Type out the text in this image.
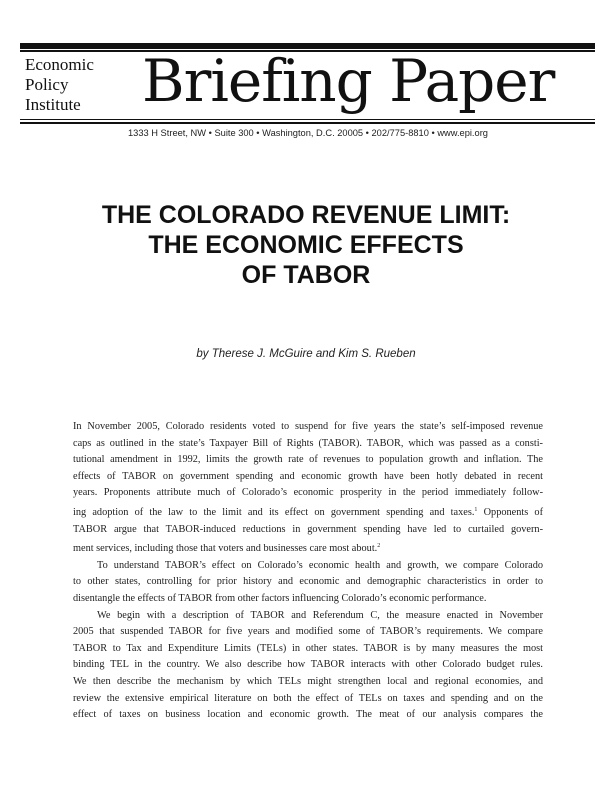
Economic
Policy
Institute Briefing Paper
1333 H Street, NW • Suite 300 • Washington, D.C. 20005 • 202/775-8810 • www.epi.org
THE COLORADO REVENUE LIMIT:
THE ECONOMIC EFFECTS
OF TABOR
by Therese J. McGuire and Kim S. Rueben

In November 2005, Colorado residents voted to suspend for five years the state’s self-imposed revenue
caps as outlined in the state’s Taxpayer Bill of Rights (TABOR). TABOR, which was passed as a consti-
tutional amendment in 1992, limits the growth rate of revenues to population growth and inflation. The
effects of TABOR on government spending and economic growth have been hotly debated in recent
years. Proponents attribute much of Colorado’s economic prosperity in the period immediately follow-
ing adoption of the law to the limit and its effect on government spending and taxes.$^1$ Opponents of
TABOR argue that TABOR-induced reductions in government spending have led to curtailed govern-
ment services, including those that voters and businesses care most about.$^2$

To understand TABOR’s effect on Colorado’s economic health and growth, we compare Colorado
to other states, controlling for prior history and economic and demographic characteristics in order to
disentangle the effects of TABOR from other factors influencing Colorado’s economic performance.

We begin with a description of TABOR and Referendum C, the measure enacted in November
2005 that suspended TABOR for five years and modified some of TABOR’s requirements. We compare
TABOR to Tax and Expenditure Limits (TELs) in other states. TABOR is by many measures the most
binding TEL in the country. We also describe how TABOR interacts with other Colorado budget rules.
We then describe the mechanism by which TELs might strengthen local and regional economies, and
review the extensive empirical literature on both the effect of TELs on taxes and spending and on the
effect of taxes on business location and economic growth. The meat of our analysis compares the
